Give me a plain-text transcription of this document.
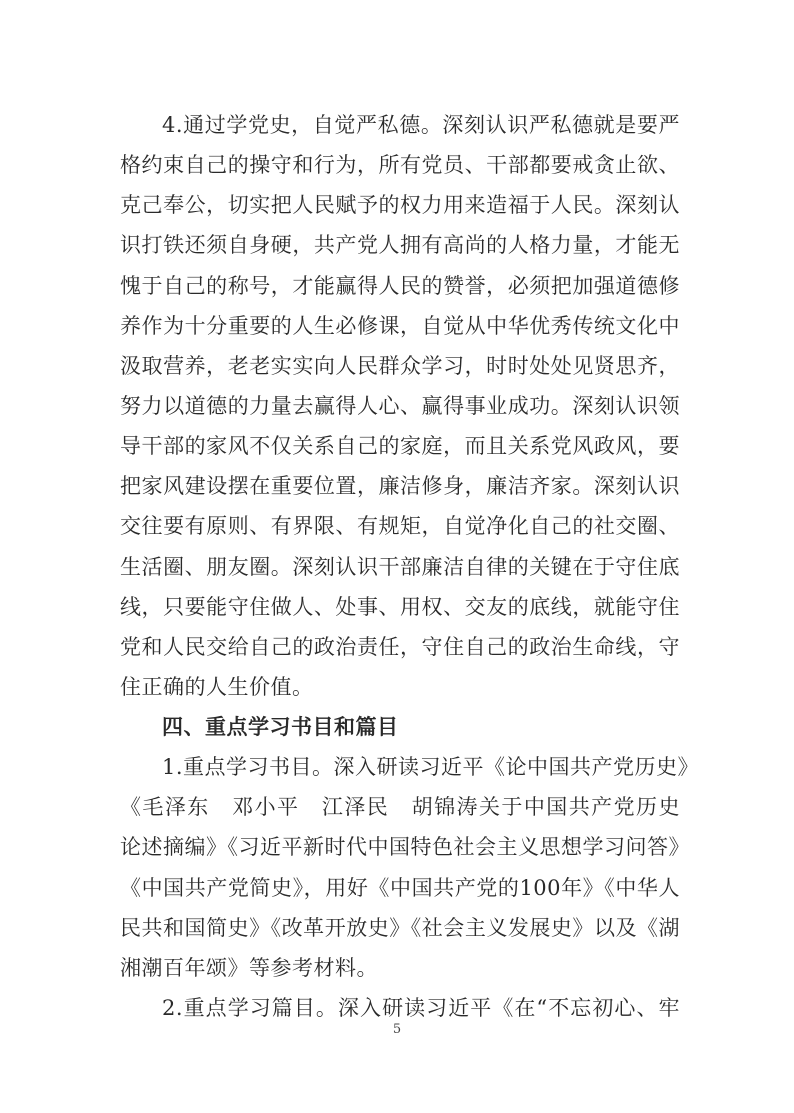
4.通过学党史，自觉严私德。深刻认识严私德就是要严
格约束自己的操守和行为，所有党员、干部都要戒贪止欲、
克己奉公，切实把人民赋予的权力用来造福于人民。深刻认
识打铁还须自身硬，共产党人拥有高尚的人格力量，才能无
愧于自己的称号，才能赢得人民的赞誉，必须把加强道德修
养作为十分重要的人生必修课，自觉从中华优秀传统文化中
汲取营养，老老实实向人民群众学习，时时处处见贤思齐，
努力以道德的力量去赢得人心、赢得事业成功。深刻认识领
导干部的家风不仅关系自己的家庭，而且关系党风政风，要
把家风建设摆在重要位置，廉洁修身，廉洁齐家。深刻认识
交往要有原则、有界限、有规矩，自觉净化自己的社交圈、
生活圈、朋友圈。深刻认识干部廉洁自律的关键在于守住底
线，只要能守住做人、处事、用权、交友的底线，就能守住
党和人民交给自己的政治责任，守住自己的政治生命线，守
住正确的人生价值。
四、重点学习书目和篇目
1.重点学习书目。深入研读习近平《论中国共产党历史》
《毛泽东　邓小平　江泽民　胡锦涛关于中国共产党历史
论述摘编》《习近平新时代中国特色社会主义思想学习问答》
《中国共产党简史》，用好《中国共产党的100年》《中华人
民共和国简史》《改革开放史》《社会主义发展史》以及《湖
湘潮百年颂》等参考材料。
2.重点学习篇目。深入研读习近平《在“不忘初心、牢
5
